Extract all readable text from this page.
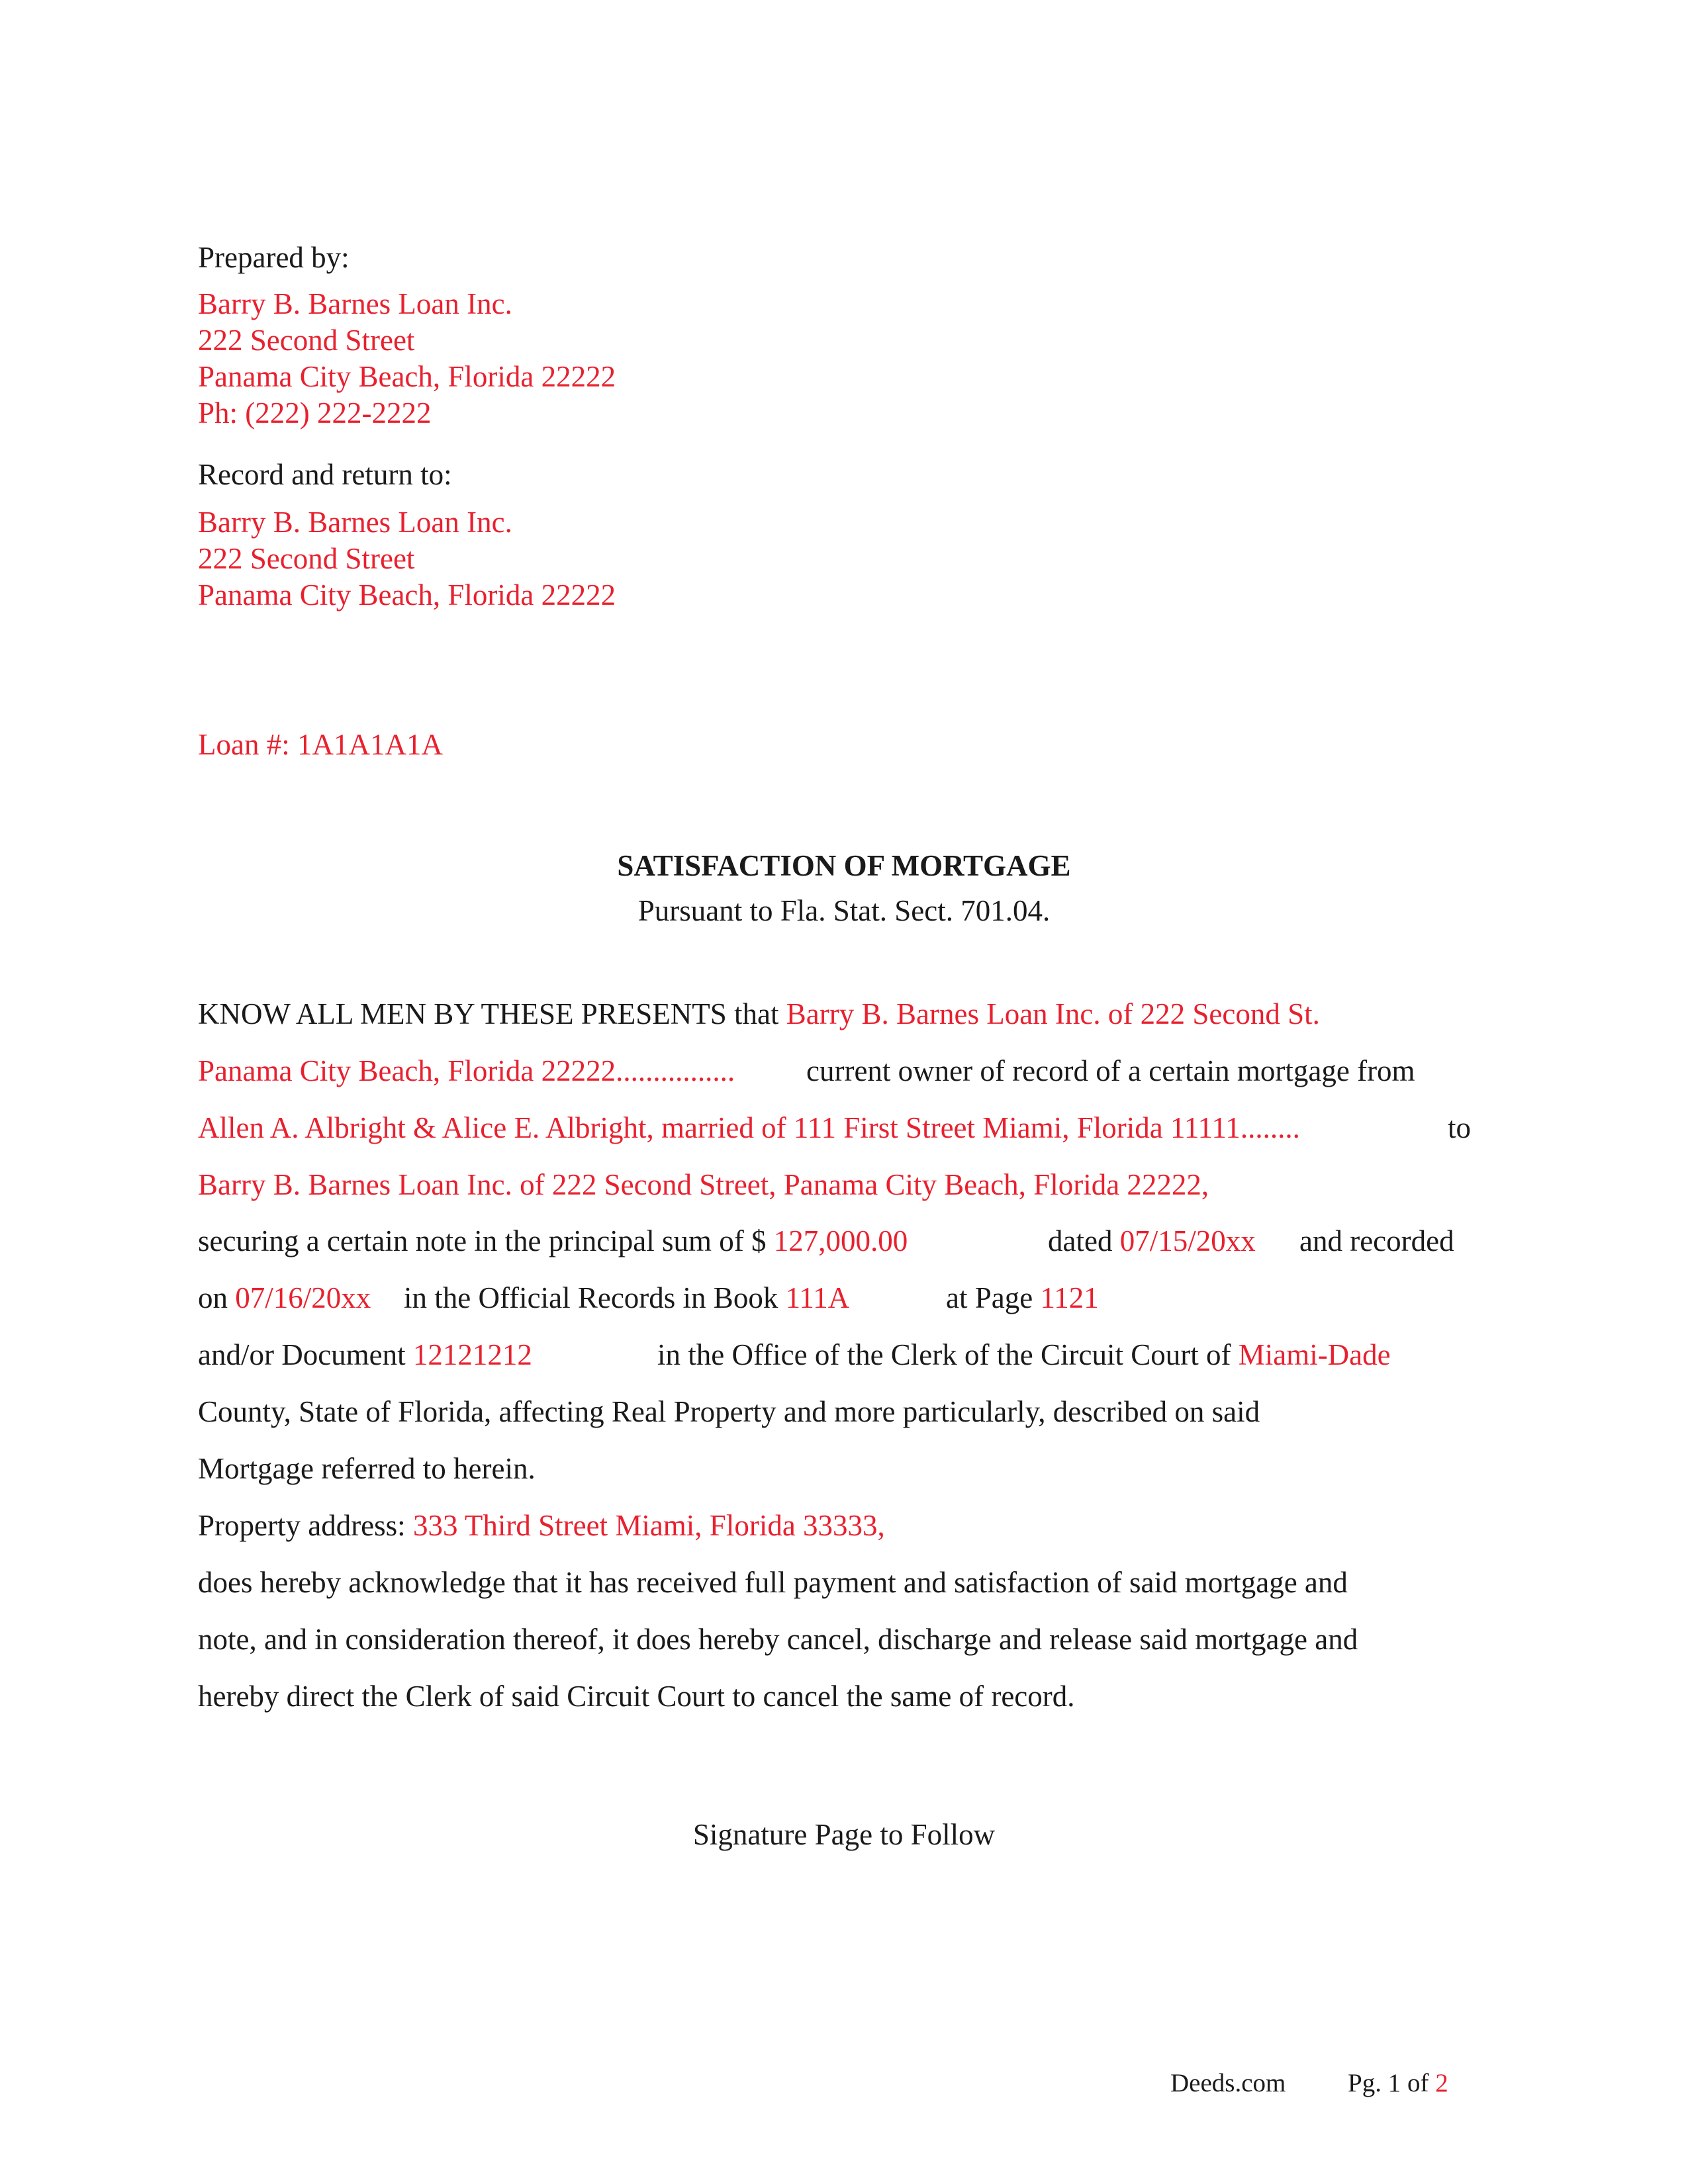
Prepared by:
Barry B. Barnes Loan Inc.
222 Second Street
Panama City Beach, Florida 22222
Ph: (222) 222-2222
Record and return to:
Barry B. Barnes Loan Inc.
222 Second Street
Panama City Beach, Florida 22222
Loan #: 1A1A1A1A
SATISFACTION OF MORTGAGE
Pursuant to Fla. Stat. Sect. 701.04.
KNOW ALL MEN BY THESE PRESENTS that Barry B. Barnes Loan Inc. of 222 Second St.
Panama City Beach, Florida 22222................ current owner of record of a certain mortgage from
Allen A. Albright & Alice E. Albright, married of 111 First Street Miami, Florida 11111........	to
Barry B. Barnes Loan Inc. of 222 Second Street, Panama City Beach, Florida 22222,
securing a certain note in the principal sum of $ 127,000.00	dated 07/15/20xx and recorded
on 07/16/20xx in the Official Records in Book 111A	at Page 1121
and/or Document 12121212	in the Office of the Clerk of the Circuit Court of Miami-Dade
County, State of Florida, affecting Real Property and more particularly, described on said
Mortgage referred to herein.
Property address: 333 Third Street Miami, Florida 33333,
does hereby acknowledge that it has received full payment and satisfaction of said mortgage and
note, and in consideration thereof, it does hereby cancel, discharge and release said mortgage and
hereby direct the Clerk of said Circuit Court to cancel the same of record.
Signature Page to Follow
Deeds.com Pg. 1 of 2
